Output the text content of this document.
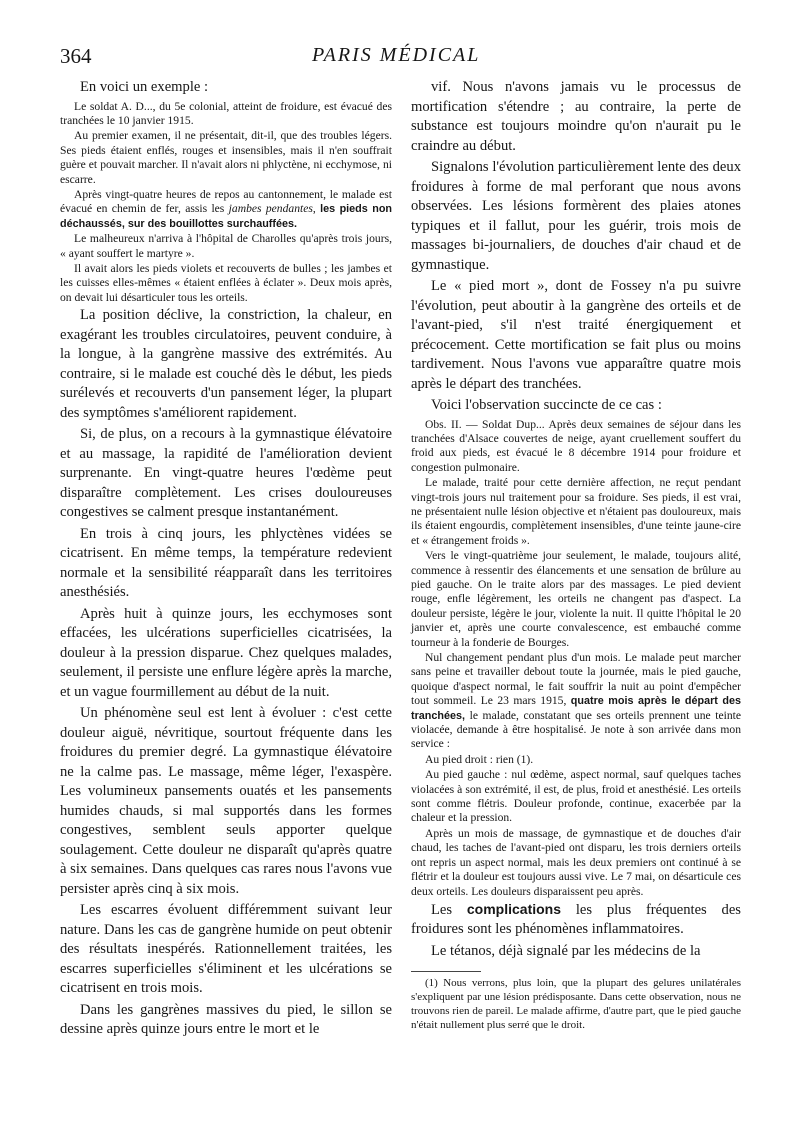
364	PARIS MÉDICAL

En voici un exemple :

Le soldat A. D..., du 5e colonial, atteint de froidure, est évacué des tranchées le 10 janvier 1915.

Au premier examen, il ne présentait, dit-il, que des troubles légers. Ses pieds étaient enflés, rouges et insensibles, mais il n'en souffrait guère et pouvait marcher. Il n'avait alors ni phlyctène, ni ecchymose, ni escarre.

Après vingt-quatre heures de repos au cantonnement, le malade est évacué en chemin de fer, assis les jambes pendantes, les pieds non déchaussés, sur des bouillottes surchauffées.

Le malheureux n'arriva à l'hôpital de Charolles qu'après trois jours, « ayant souffert le martyre ».

Il avait alors les pieds violets et recouverts de bulles ; les jambes et les cuisses elles-mêmes « étaient enflées à éclater ». Deux mois après, on devait lui désarticuler tous les orteils.

La position déclive, la constriction, la chaleur, en exagérant les troubles circulatoires, peuvent conduire, à la longue, à la gangrène massive des extrémités. Au contraire, si le malade est couché dès le début, les pieds surélevés et recouverts d'un pansement léger, la plupart des symptômes s'améliorent rapidement.

Si, de plus, on a recours à la gymnastique élévatoire et au massage, la rapidité de l'amélioration devient surprenante. En vingt-quatre heures l'œdème peut disparaître complètement. Les crises douloureuses congestives se calment presque instantanément.

En trois à cinq jours, les phlyctènes vidées se cicatrisent. En même temps, la température redevient normale et la sensibilité réapparaît dans les territoires anesthésiés.

Après huit à quinze jours, les ecchymoses sont effacées, les ulcérations superficielles cicatrisées, la douleur à la pression disparue. Chez quelques malades, seulement, il persiste une enflure légère après la marche, et un vague fourmillement au début de la nuit.

Un phénomène seul est lent à évoluer : c'est cette douleur aiguë, névritique, sourtout fréquente dans les froidures du premier degré. La gymnastique élévatoire ne la calme pas. Le massage, même léger, l'exaspère. Les volumineux pansements ouatés et les pansements humides chauds, si mal supportés dans les formes congestives, semblent seuls apporter quelque soulagement. Cette douleur ne disparaît qu'après quatre à six semaines. Dans quelques cas rares nous l'avons vue persister après cinq à six mois.

Les escarres évoluent différemment suivant leur nature. Dans les cas de gangrène humide on peut obtenir des résultats inespérés. Rationnellement traitées, les escarres superficielles s'éliminent et les ulcérations se cicatrisent en trois mois.

Dans les gangrènes massives du pied, le sillon se dessine après quinze jours entre le mort et le

vif. Nous n'avons jamais vu le processus de mortification s'étendre ; au contraire, la perte de substance est toujours moindre qu'on n'aurait pu le craindre au début.

Signalons l'évolution particulièrement lente des deux froidures à forme de mal perforant que nous avons observées. Les lésions formèrent des plaies atones typiques et il fallut, pour les guérir, trois mois de massages bi-journaliers, de douches d'air chaud et de gymnastique.

Le « pied mort », dont de Fossey n'a pu suivre l'évolution, peut aboutir à la gangrène des orteils et de l'avant-pied, s'il n'est traité énergiquement et précocement. Cette mortification se fait plus ou moins tardivement. Nous l'avons vue apparaître quatre mois après le départ des tranchées.

Voici l'observation succincte de ce cas :

Obs. II. — Soldat Dup... Après deux semaines de séjour dans les tranchées d'Alsace couvertes de neige, ayant cruellement souffert du froid aux pieds, est évacué le 8 décembre 1914 pour froidure et congestion pulmonaire.

Le malade, traité pour cette dernière affection, ne reçut pendant vingt-trois jours nul traitement pour sa froidure. Ses pieds, il est vrai, ne présentaient nulle lésion objective et n'étaient pas douloureux, mais ils étaient engourdis, complètement insensibles, d'une teinte jaune-cire et « étrangement froids ».

Vers le vingt-quatrième jour seulement, le malade, toujours alité, commence à ressentir des élancements et une sensation de brûlure au pied gauche. On le traite alors par des massages. Le pied devient rouge, enfle légèrement, les orteils ne changent pas d'aspect. La douleur persiste, légère le jour, violente la nuit. Il quitte l'hôpital le 20 janvier et, après une courte convalescence, est embauché comme tourneur à la fonderie de Bourges.

Nul changement pendant plus d'un mois. Le malade peut marcher sans peine et travailler debout toute la journée, mais le pied gauche, quoique d'aspect normal, le fait souffrir la nuit au point d'empêcher tout sommeil. Le 23 mars 1915, quatre mois après le départ des tranchées, le malade, constatant que ses orteils prennent une teinte violacée, demande à être hospitalisé. Je note à son arrivée dans mon service :

Au pied droit : rien (1).

Au pied gauche : nul œdème, aspect normal, sauf quelques taches violacées à son extrémité, il est, de plus, froid et anesthésié. Les orteils sont comme flétris. Douleur profonde, continue, exacerbée par la chaleur et la pression.

Après un mois de massage, de gymnastique et de douches d'air chaud, les taches de l'avant-pied ont disparu, les trois derniers orteils ont repris un aspect normal, mais les deux premiers ont continué à se flétrir et la douleur est toujours aussi vive. Le 7 mai, on désarticule ces deux orteils. Les douleurs disparaissent peu après.

Les complications les plus fréquentes des froidures sont les phénomènes inflammatoires.

Le tétanos, déjà signalé par les médecins de la

(1) Nous verrons, plus loin, que la plupart des gelures unilatérales s'expliquent par une lésion prédisposante. Dans cette observation, nous ne trouvons rien de pareil. Le malade affirme, d'autre part, que le pied gauche n'était nullement plus serré que le droit.
